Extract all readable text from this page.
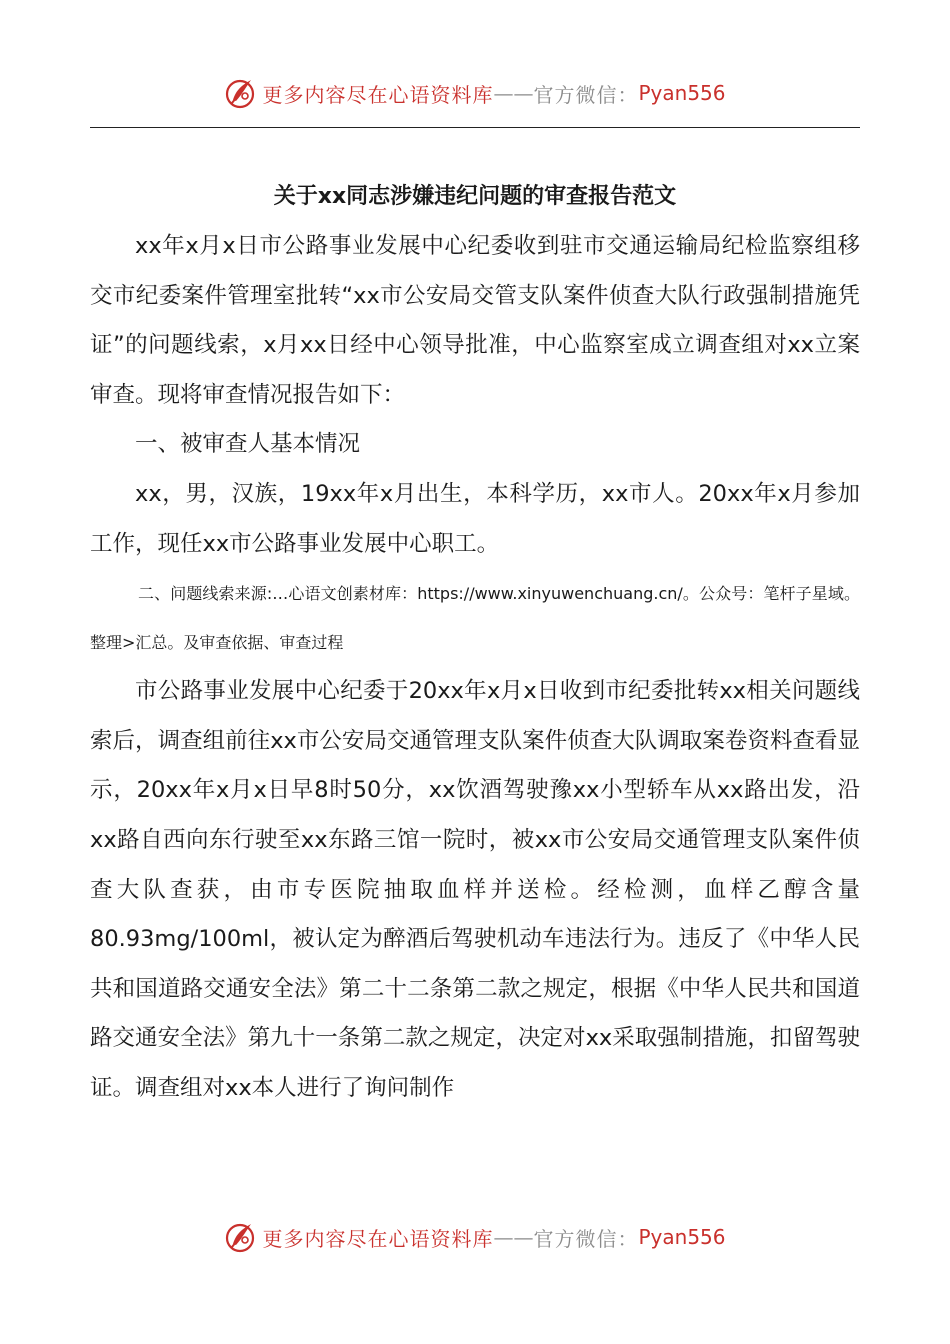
更多内容尽在心语资料库 —— 官方微信： Pyan556
关于xx同志涉嫌违纪问题的审查报告范文

xx年x月x日市公路事业发展中心纪委收到驻市交通运输局纪检监察组移交市纪委案件管理室批转“xx市公安局交管支队案件侦查大队行政强制措施凭证”的问题线索，x月xx日经中心领导批准，中心监察室成立调查组对xx立案审查。现将审查情况报告如下：

一、被审查人基本情况

xx，男，汉族，19xx年x月出生，本科学历，xx市人。20xx年x月参加工作，现任xx市公路事业发展中心职工。

二、问题线索来源:…心语文创素材库：https://www.xinyuwenchuang.cn/。公众号：笔杆子星域。整理>汇总。及审查依据、审查过程

市公路事业发展中心纪委于20xx年x月x日收到市纪委批转xx相关问题线索后，调查组前往xx市公安局交通管理支队案件侦查大队调取案卷资料查看显示，20xx年x月x日早8时50分，xx饮酒驾驶豫xx小型轿车从xx路出发，沿xx路自西向东行驶至xx东路三馆一院时，被xx市公安局交通管理支队案件侦查大队查获，由市专医院抽取血样并送检。经检测，血样乙醇含量80.93mg/100ml，被认定为醉酒后驾驶机动车违法行为。违反了《中华人民共和国道路交通安全法》第二十二条第二款之规定，根据《中华人民共和国道路交通安全法》第九十一条第二款之规定，决定对xx采取强制措施，扣留驾驶证。调查组对xx本人进行了询问制作

更多内容尽在心语资料库 —— 官方微信： Pyan556
